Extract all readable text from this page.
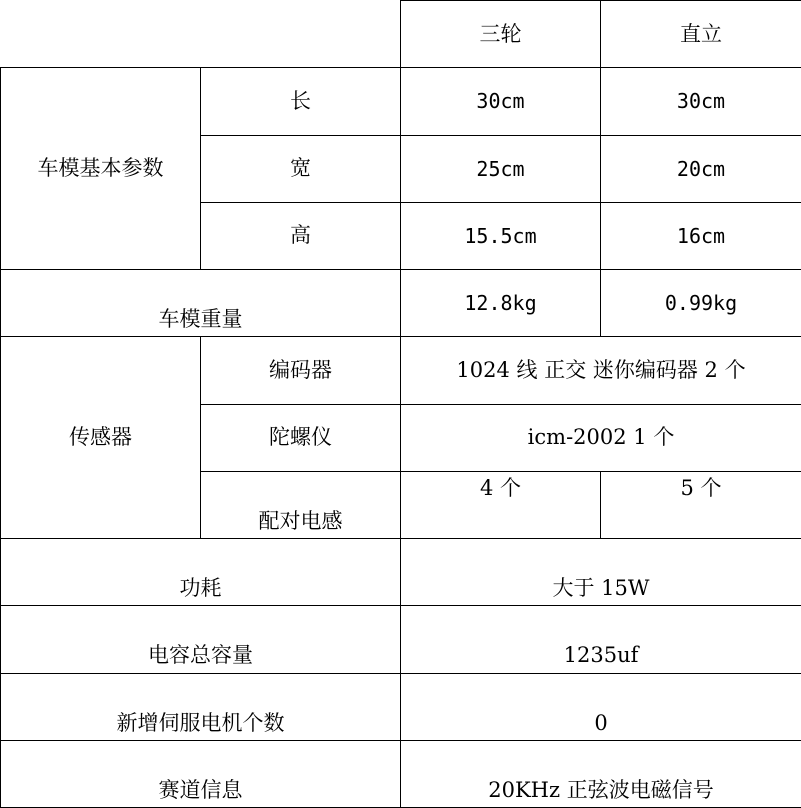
		三轮	直立
车模基本参数	长	30cm	30cm
	宽	25cm	20cm
	高	15.5cm	16cm
车模重量		12.8kg	0.99kg
传感器	编码器	1024 线 正交 迷你编码器 2 个	
	陀螺仪	icm-2002 1 个	
	配对电感	4 个	5 个
功耗		大于 15W	
电容总容量		1235uf	
新增伺服电机个数		0	
赛道信息		20KHz 正弦波电磁信号	
